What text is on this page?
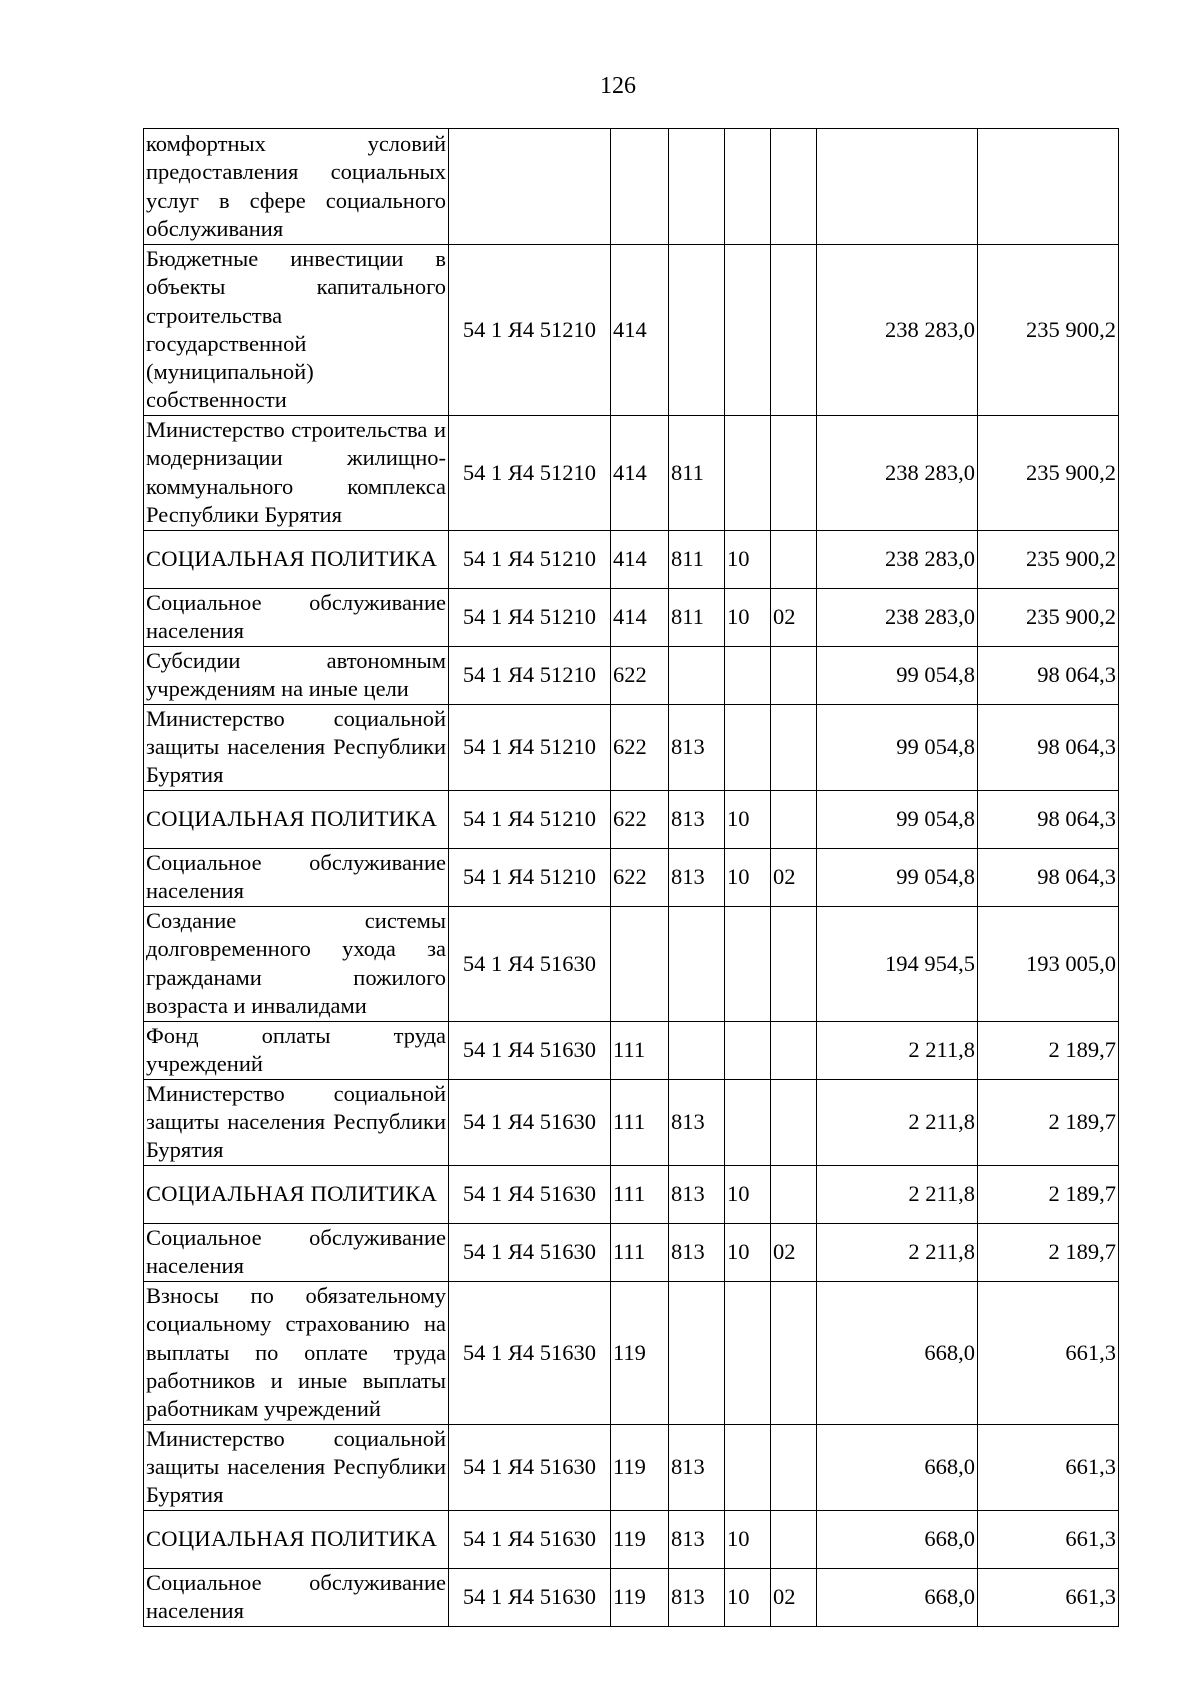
126
комфортных условий предоставления социальных услуг в сфере социального обслуживания							

Бюджетные инвестиции в объекты капитального строительства государственной (муниципальной) собственности	54 1 Я4 51210	414				238 283,0	235 900,2
Министерство строительства и модернизации жилищно-коммунального комплекса Республики Бурятия	54 1 Я4 51210	414	811			238 283,0	235 900,2
СОЦИАЛЬНАЯ ПОЛИТИКА	54 1 Я4 51210	414	811	10		238 283,0	235 900,2
Социальное обслуживание населения	54 1 Я4 51210	414	811	10	02	238 283,0	235 900,2
Субсидии автономным учреждениям на иные цели	54 1 Я4 51210	622				99 054,8	98 064,3
Министерство социальной защиты населения Республики Бурятия	54 1 Я4 51210	622	813			99 054,8	98 064,3
СОЦИАЛЬНАЯ ПОЛИТИКА	54 1 Я4 51210	622	813	10		99 054,8	98 064,3
Социальное обслуживание населения	54 1 Я4 51210	622	813	10	02	99 054,8	98 064,3
Создание системы долговременного ухода за гражданами пожилого возраста и инвалидами	54 1 Я4 51630					194 954,5	193 005,0
Фонд оплаты труда учреждений	54 1 Я4 51630	111				2 211,8	2 189,7
Министерство социальной защиты населения Республики Бурятия	54 1 Я4 51630	111	813			2 211,8	2 189,7
СОЦИАЛЬНАЯ ПОЛИТИКА	54 1 Я4 51630	111	813	10		2 211,8	2 189,7
Социальное обслуживание населения	54 1 Я4 51630	111	813	10	02	2 211,8	2 189,7
Взносы по обязательному социальному страхованию на выплаты по оплате труда работников и иные выплаты работникам учреждений	54 1 Я4 51630	119				668,0	661,3
Министерство социальной защиты населения Республики Бурятия	54 1 Я4 51630	119	813			668,0	661,3
СОЦИАЛЬНАЯ ПОЛИТИКА	54 1 Я4 51630	119	813	10		668,0	661,3
Социальное обслуживание населения	54 1 Я4 51630	119	813	10	02	668,0	661,3
